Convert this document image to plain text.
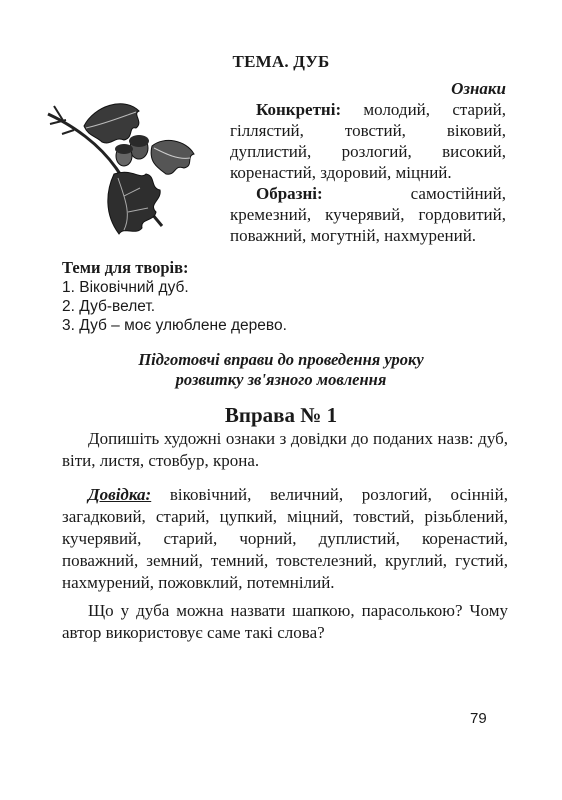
ТЕМА. ДУБ
Ознаки
Конкретні: молодий, старий, гіллястий, товстий, віковий, дуплистий, розлогий, високий, коренастий, здоровий, міцний.
Образні:	самостійний, кремезний, кучерявий, гордовитий, поважний, могутній, нахмурений.
Теми для творів:
1. Віковічний дуб.
2. Дуб-велет.
3. Дуб – моє улюблене дерево.
Підготовчі вправи до проведення уроку
розвитку зв'язного мовлення
Вправа № 1
Допишіть художні ознаки з довідки до поданих назв: дуб, віти, листя, стовбур, крона.
Довідка: віковічний, величний, розлогий, осінній, загадковий, старий, цупкий, міцний, товстий, різьблений, кучерявий, старий, чорний, дуплистий, коренастий, поважний, земний, темний, товстелезний, круглий, густий, нахмурений, пожовклий, потемнілий.
Що у дуба можна назвати шапкою, парасолькою? Чому автор використовує саме такі слова?
79
